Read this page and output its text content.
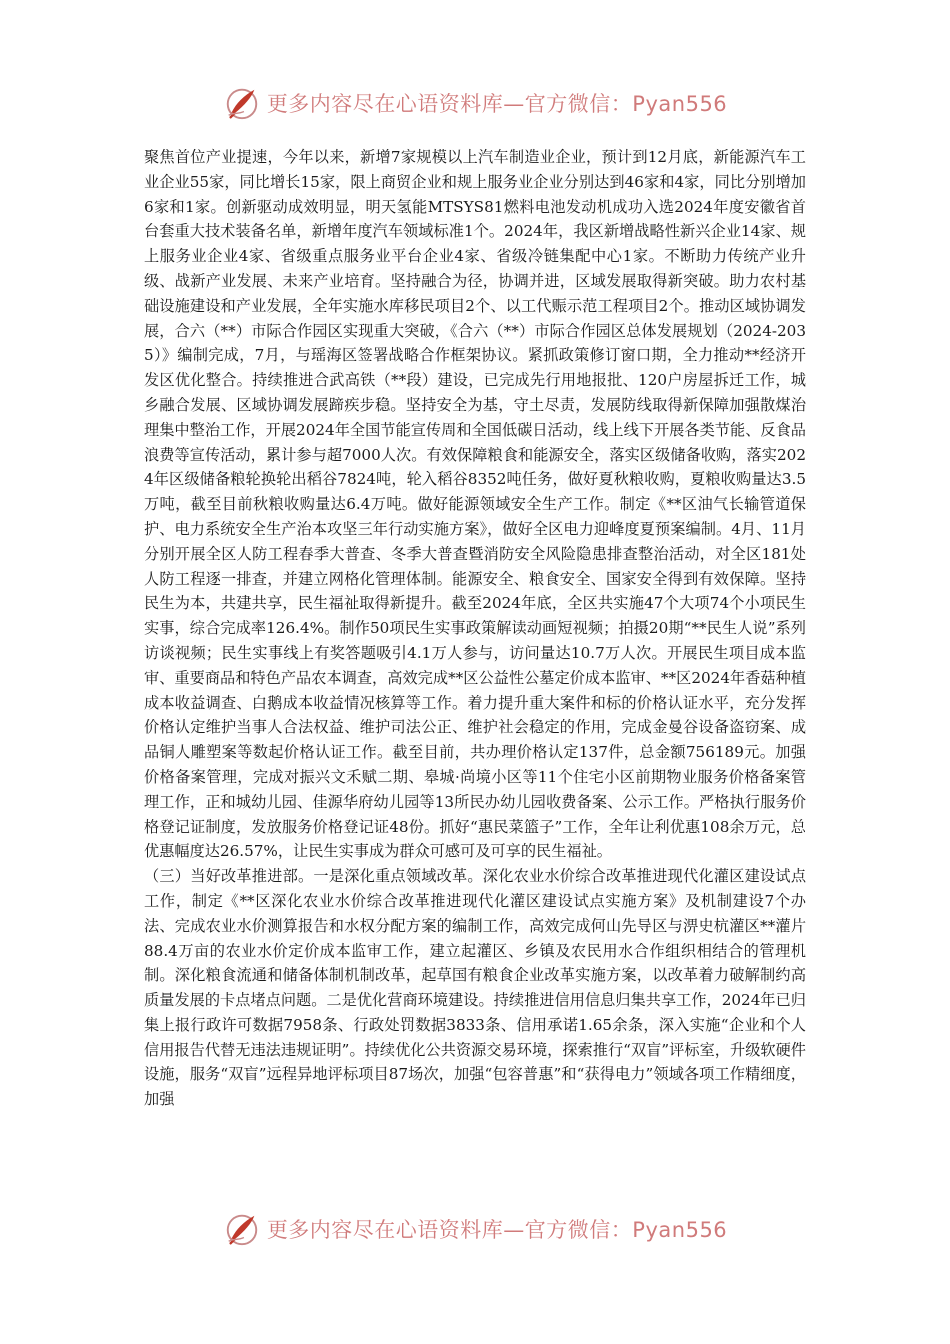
更多内容尽在心语资料库—官方微信：Pyan556

聚焦首位产业提速，今年以来，新增7家规模以上汽车制造业企业，预计到12月底，新能源汽车工业企业55家，同比增长15家，限上商贸企业和规上服务业企业分别达到46家和4家，同比分别增加6家和1家。创新驱动成效明显，明天氢能MTSYS81燃料电池发动机成功入选2024年度安徽省首台套重大技术装备名单，新增年度汽车领域标准1个。2024年，我区新增战略性新兴企业14家、规上服务业企业4家、省级重点服务业平台企业4家、省级冷链集配中心1家。不断助力传统产业升级、战新产业发展、未来产业培育。坚持融合为径，协调并进，区域发展取得新突破。助力农村基础设施建设和产业发展，全年实施水库移民项目2个、以工代赈示范工程项目2个。推动区域协调发展，合六（**）市际合作园区实现重大突破，《合六（**）市际合作园区总体发展规划（2024-2035）》编制完成，7月，与瑶海区签署战略合作框架协议。紧抓政策修订窗口期，全力推动**经济开发区优化整合。持续推进合武高铁（**段）建设，已完成先行用地报批、120户房屋拆迁工作，城乡融合发展、区域协调发展蹄疾步稳。坚持安全为基，守土尽责，发展防线取得新保障加强散煤治理集中整治工作，开展2024年全国节能宣传周和全国低碳日活动，线上线下开展各类节能、反食品浪费等宣传活动，累计参与超7000人次。有效保障粮食和能源安全，落实区级储备收购，落实2024年区级储备粮轮换轮出稻谷7824吨，轮入稻谷8352吨任务，做好夏秋粮收购，夏粮收购量达3.5万吨，截至目前秋粮收购量达6.4万吨。做好能源领域安全生产工作。制定《**区油气长输管道保护、电力系统安全生产治本攻坚三年行动实施方案》，做好全区电力迎峰度夏预案编制。4月、11月分别开展全区人防工程春季大普查、冬季大普查暨消防安全风险隐患排查整治活动，对全区181处人防工程逐一排查，并建立网格化管理体制。能源安全、粮食安全、国家安全得到有效保障。坚持民生为本，共建共享，民生福祉取得新提升。截至2024年底，全区共实施47个大项74个小项民生实事，综合完成率126.4%。制作50项民生实事政策解读动画短视频；拍摄20期“**民生人说”系列访谈视频；民生实事线上有奖答题吸引4.1万人参与，访问量达10.7万人次。开展民生项目成本监审、重要商品和特色产品农本调查，高效完成**区公益性公墓定价成本监审、**区2024年香菇种植成本收益调查、白鹅成本收益情况核算等工作。着力提升重大案件和标的价格认证水平，充分发挥价格认定维护当事人合法权益、维护司法公正、维护社会稳定的作用，完成金曼谷设备盗窃案、成品铜人雕塑案等数起价格认证工作。截至目前，共办理价格认定137件，总金额756189元。加强价格备案管理，完成对振兴文禾赋二期、皋城·尚境小区等11个住宅小区前期物业服务价格备案管理工作，正和城幼儿园、佳源华府幼儿园等13所民办幼儿园收费备案、公示工作。严格执行服务价格登记证制度，发放服务价格登记证48份。抓好“惠民菜篮子”工作，全年让利优惠108余万元，总优惠幅度达26.57%，让民生实事成为群众可感可及可享的民生福祉。

（三）当好改革推进部。一是深化重点领域改革。深化农业水价综合改革推进现代化灌区建设试点工作，制定《**区深化农业水价综合改革推进现代化灌区建设试点实施方案》及机制建设7个办法、完成农业水价测算报告和水权分配方案的编制工作，高效完成何山先导区与淠史杭灌区**灌片88.4万亩的农业水价定价成本监审工作，建立起灌区、乡镇及农民用水合作组织相结合的管理机制。深化粮食流通和储备体制机制改革，起草国有粮食企业改革实施方案，以改革着力破解制约高质量发展的卡点堵点问题。二是优化营商环境建设。持续推进信用信息归集共享工作，2024年已归集上报行政许可数据7958条、行政处罚数据3833条、信用承诺1.65余条，深入实施“企业和个人信用报告代替无违法违规证明”。持续优化公共资源交易环境，探索推行“双盲”评标室，升级软硬件设施，服务“双盲”远程异地评标项目87场次，加强“包容普惠”和“获得电力”领域各项工作精细度，加强

更多内容尽在心语资料库—官方微信：Pyan556
